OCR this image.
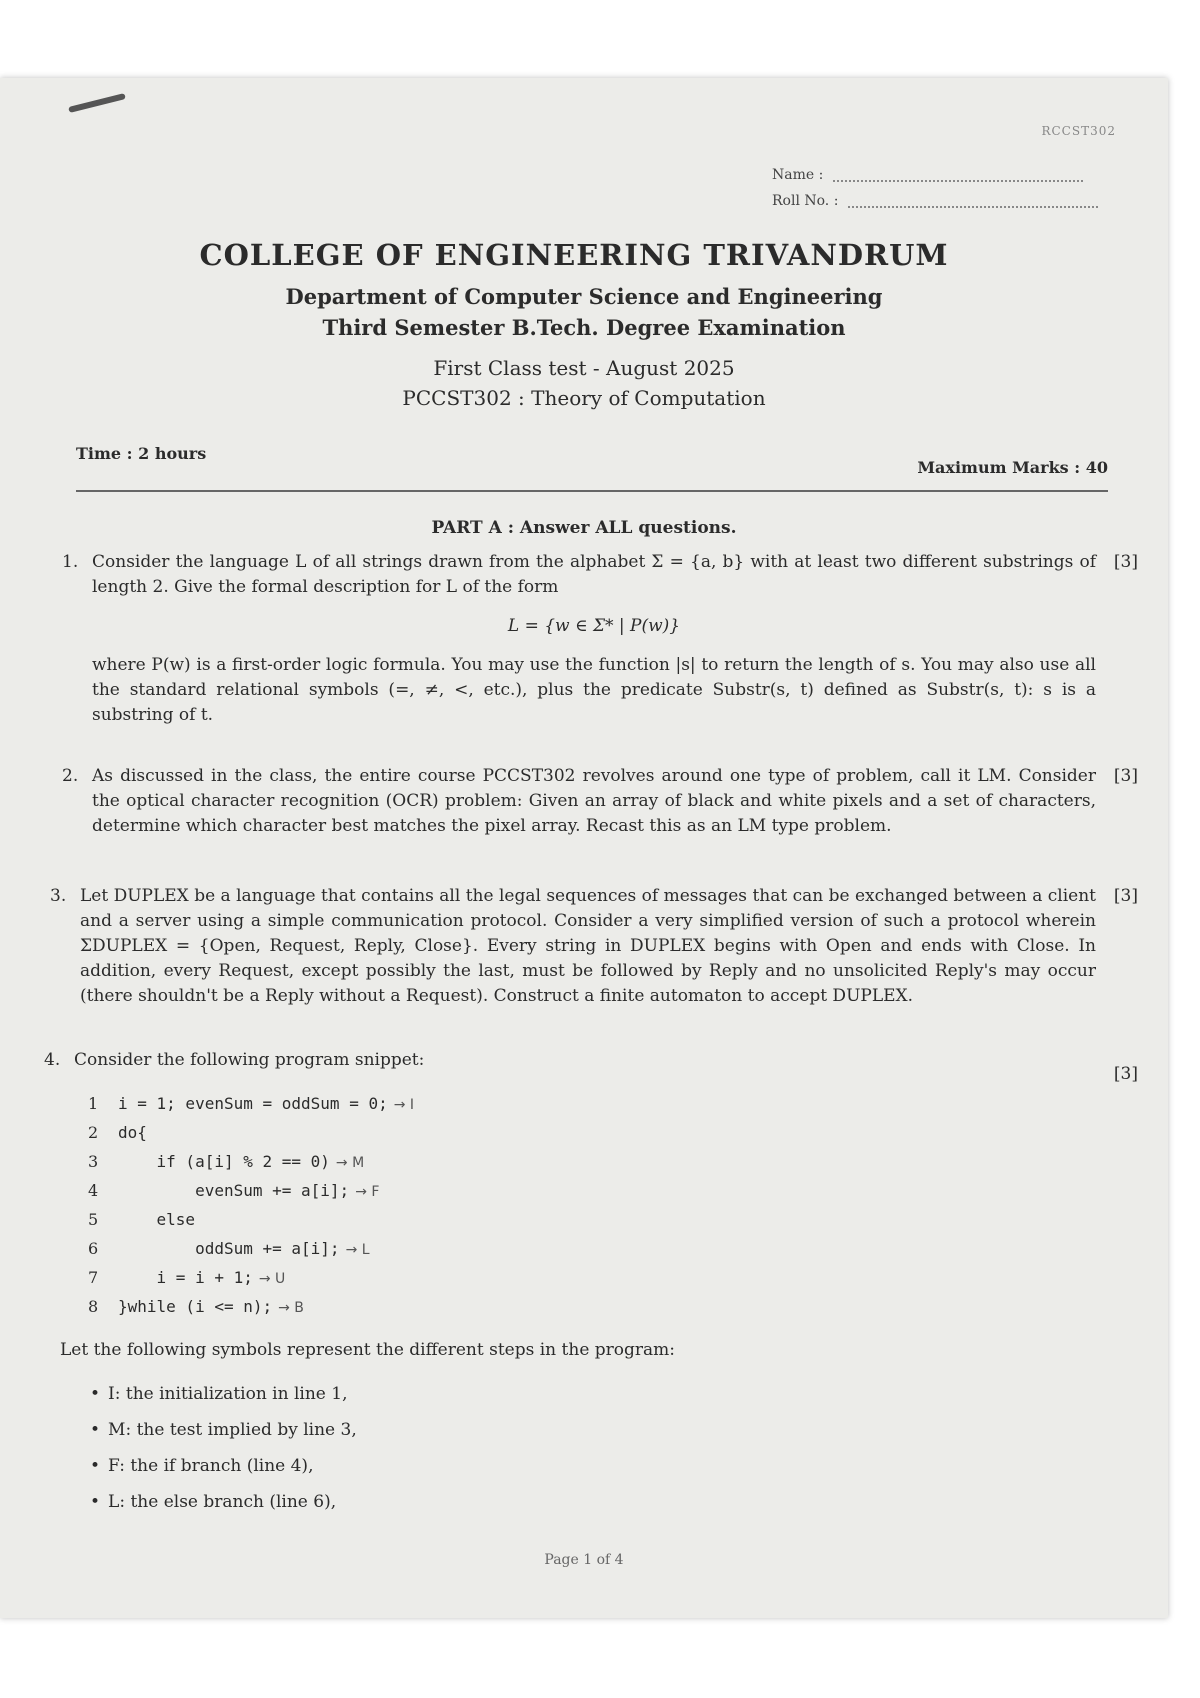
RCCST302
Name :
Roll No. :
COLLEGE OF ENGINEERING TRIVANDRUM
Department of Computer Science and Engineering
Third Semester B.Tech. Degree Examination
First Class test - August 2025
PCCST302 : Theory of Computation
Time : 2 hours
Maximum Marks : 40
PART A : Answer ALL questions.
1.	[3]
Consider the language L of all strings drawn from the alphabet Σ = {a, b} with at least two different substrings of length 2. Give the formal description for L of the form
L = {w ∈ Σ* | P(w)}
where P(w) is a first-order logic formula. You may use the function |s| to return the length of s. You may also use all the standard relational symbols (=, ≠, <, etc.), plus the predicate Substr(s, t) defined as Substr(s, t): s is a substring of t.
2.	[3]
As discussed in the class, the entire course PCCST302 revolves around one type of problem, call it LM. Consider the optical character recognition (OCR) problem: Given an array of black and white pixels and a set of characters, determine which character best matches the pixel array. Recast this as an LM type problem.
3.	[3]
Let DUPLEX be a language that contains all the legal sequences of messages that can be exchanged between a client and a server using a simple communication protocol. Consider a very simplified version of such a protocol wherein ΣDUPLEX = {Open, Request, Reply, Close}. Every string in DUPLEX begins with Open and ends with Close. In addition, every Request, except possibly the last, must be followed by Reply and no unsolicited Reply's may occur (there shouldn't be a Reply without a Request). Construct a finite automaton to accept DUPLEX.
4.
[3]
Consider the following program snippet:
1 i = 1; evenSum = oddSum = 0; → I
2 do{
3    if (a[i] % 2 == 0) → M
4        evenSum += a[i]; → F
5    else
6        oddSum += a[i]; → L
7    i = i + 1; → U
8 }while (i <= n); → B
Let the following symbols represent the different steps in the program:
• I: the initialization in line 1,
• M: the test implied by line 3,
• F: the if branch (line 4),
• L: the else branch (line 6),
Page 1 of 4
